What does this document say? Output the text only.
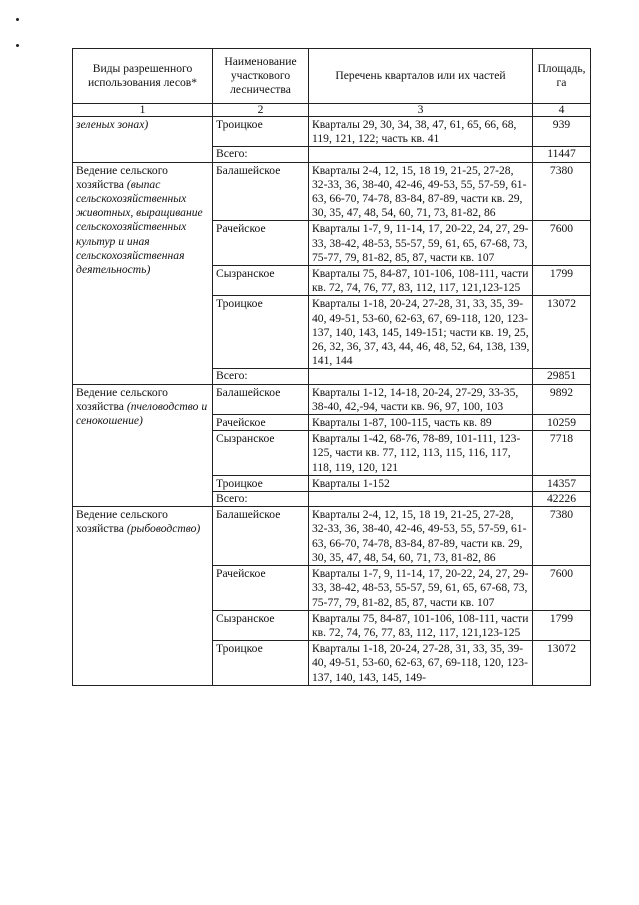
Виды разрешенного использования лесов*	Наименование участкового лесничества	Перечень кварталов или их частей	Площадь, га
1	2	3	4
зеленых зонах)	Троицкое	Кварталы 29, 30, 34, 38, 47, 61, 65, 66, 68, 119, 121, 122; часть кв. 41	939
	Всего:		11447
Ведение сельского хозяйства (выпас сельскохозяйственных животных, выращивание сельскохозяйственных культур и иная сельскохозяйственная деятельность)	Балашейское	Кварталы 2-4, 12, 15, 18 19, 21-25, 27-28, 32-33, 36, 38-40, 42-46, 49-53, 55, 57-59, 61-63, 66-70, 74-78, 83-84, 87-89, части кв. 29, 30, 35, 47, 48, 54, 60, 71, 73, 81-82, 86	7380
	Рачейское	Кварталы 1-7, 9, 11-14, 17, 20-22, 24, 27, 29-33, 38-42, 48-53, 55-57, 59, 61, 65, 67-68, 73, 75-77, 79, 81-82, 85, 87, части кв. 107	7600
	Сызранское	Кварталы 75, 84-87, 101-106, 108-111, части кв. 72, 74, 76, 77, 83, 112, 117, 121,123-125	1799
	Троицкое	Кварталы 1-18, 20-24, 27-28, 31, 33, 35, 39-40, 49-51, 53-60, 62-63, 67, 69-118, 120, 123-137, 140, 143, 145, 149-151; части кв. 19, 25, 26, 32, 36, 37, 43, 44, 46, 48, 52, 64, 138, 139, 141, 144	13072
	Всего:		29851
Ведение сельского хозяйства (пчеловодство и сенокошение)	Балашейское	Кварталы 1-12, 14-18, 20-24, 27-29, 33-35, 38-40, 42,-94, части кв. 96, 97, 100, 103	9892
	Рачейское	Кварталы 1-87, 100-115, часть кв. 89	10259
	Сызранское	Кварталы 1-42, 68-76, 78-89, 101-111, 123-125, части кв. 77, 112, 113, 115, 116, 117, 118, 119, 120, 121	7718
	Троицкое	Кварталы 1-152	14357
	Всего:		42226
Ведение сельского хозяйства (рыбоводство)	Балашейское	Кварталы 2-4, 12, 15, 18 19, 21-25, 27-28, 32-33, 36, 38-40, 42-46, 49-53, 55, 57-59, 61-63, 66-70, 74-78, 83-84, 87-89, части кв. 29, 30, 35, 47, 48, 54, 60, 71, 73, 81-82, 86	7380
	Рачейское	Кварталы 1-7, 9, 11-14, 17, 20-22, 24, 27, 29-33, 38-42, 48-53, 55-57, 59, 61, 65, 67-68, 73, 75-77, 79, 81-82, 85, 87, части кв. 107	7600
	Сызранское	Кварталы 75, 84-87, 101-106, 108-111, части кв. 72, 74, 76, 77, 83, 112, 117, 121,123-125	1799
	Троицкое	Кварталы 1-18, 20-24, 27-28, 31, 33, 35, 39-40, 49-51, 53-60, 62-63, 67, 69-118, 120, 123-137, 140, 143, 145, 149-	13072
